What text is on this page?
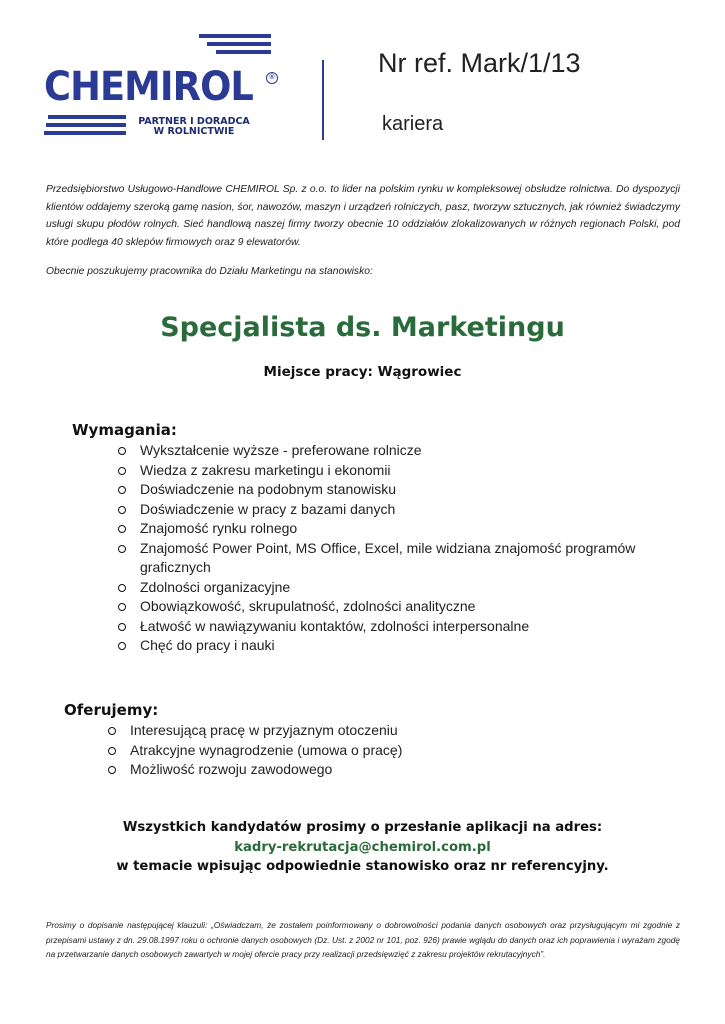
CHEMIROL	®
PARTNER I DORADCA
W ROLNICTWIE
Nr ref. Mark/1/13
kariera
Przedsiębiorstwo Usługowo-Handlowe CHEMIROL Sp. z o.o. to lider na polskim rynku w kompleksowej obsłudze rolnictwa. Do dyspozycji klientów oddajemy szeroką gamę nasion, śor, nawozów, maszyn i urządzeń rolniczych, pasz, tworzyw sztucznych, jak również świadczymy usługi skupu płodów rolnych. Sieć handlową naszej firmy tworzy obecnie 10 oddziałów zlokalizowanych w różnych regionach Polski, pod które podlega 40 sklepów firmowych oraz 9 elewatorów.
Obecnie poszukujemy pracownika do Działu Marketingu na stanowisko:
Specjalista ds. Marketingu
Miejsce pracy: Wągrowiec
Wymagania:
Wykształcenie wyższe - preferowane rolnicze
Wiedza z zakresu marketingu i ekonomii
Doświadczenie na podobnym stanowisku
Doświadczenie w pracy z bazami danych
Znajomość rynku rolnego
Znajomość Power Point, MS Office, Excel, mile widziana znajomość programów graficznych
Zdolności organizacyjne
Obowiązkowość, skrupulatność, zdolności analityczne
Łatwość w nawiązywaniu kontaktów, zdolności interpersonalne
Chęć do pracy i nauki
Oferujemy:
Interesującą pracę w przyjaznym otoczeniu
Atrakcyjne wynagrodzenie (umowa o pracę)
Możliwość rozwoju zawodowego
Wszystkich kandydatów prosimy o przesłanie aplikacji na adres:
kadry-rekrutacja@chemirol.com.pl
w temacie wpisując odpowiednie stanowisko oraz nr referencyjny.
Prosimy o dopisanie następującej klauzuli: „Oświadczam, że zostałem poinformowany o dobrowolności podania danych osobowych oraz przysługującym mi zgodnie z przepisami ustawy z dn. 29.08.1997 roku o ochronie danych osobowych (Dz. Ust. z 2002 nr 101, poz. 926) prawie wglądu do danych oraz ich poprawienia i wyrażam zgodę na przetwarzanie danych osobowych zawartych w mojej ofercie pracy przy realizacji przedsięwzięć z zakresu projektów rekrutacyjnych”.
